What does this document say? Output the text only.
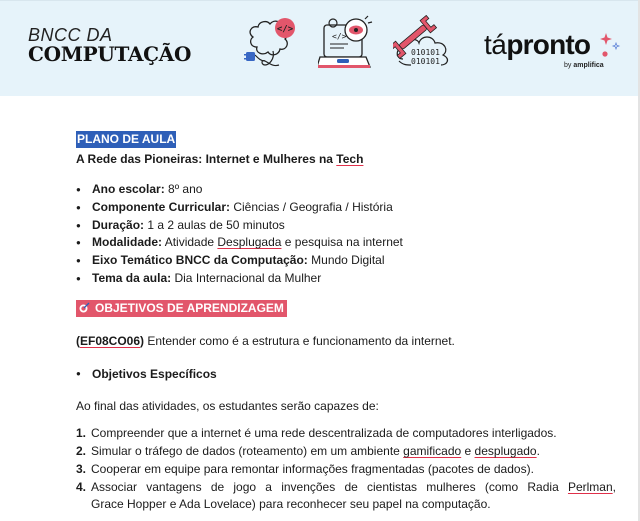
BNCC DA
COMPUTAÇÃO
</>
</>
010101
010101
tápronto
by amplifica
PLANO DE AULA
A Rede das Pioneiras: Internet e Mulheres na Tech
● Ano escolar: 8º ano
● Componente Curricular: Ciências / Geografia / História
● Duração: 1 a 2 aulas de 50 minutos
● Modalidade: Atividade Desplugada e pesquisa na internet
● Eixo Temático BNCC da Computação: Mundo Digital
● Tema da aula: Dia Internacional da Mulher
OBJETIVOS DE APRENDIZAGEM
(EF08CO06) Entender como é a estrutura e funcionamento da internet.
● Objetivos Específicos
Ao final das atividades, os estudantes serão capazes de:
1. Compreender que a internet é uma rede descentralizada de computadores interligados.
2. Simular o tráfego de dados (roteamento) em um ambiente gamificado e desplugado.
3. Cooperar em equipe para remontar informações fragmentadas (pacotes de dados).
4. Associar vantagens de jogo a invenções de cientistas mulheres (como Radia Perlman,
Grace Hopper e Ada Lovelace) para reconhecer seu papel na computação.
